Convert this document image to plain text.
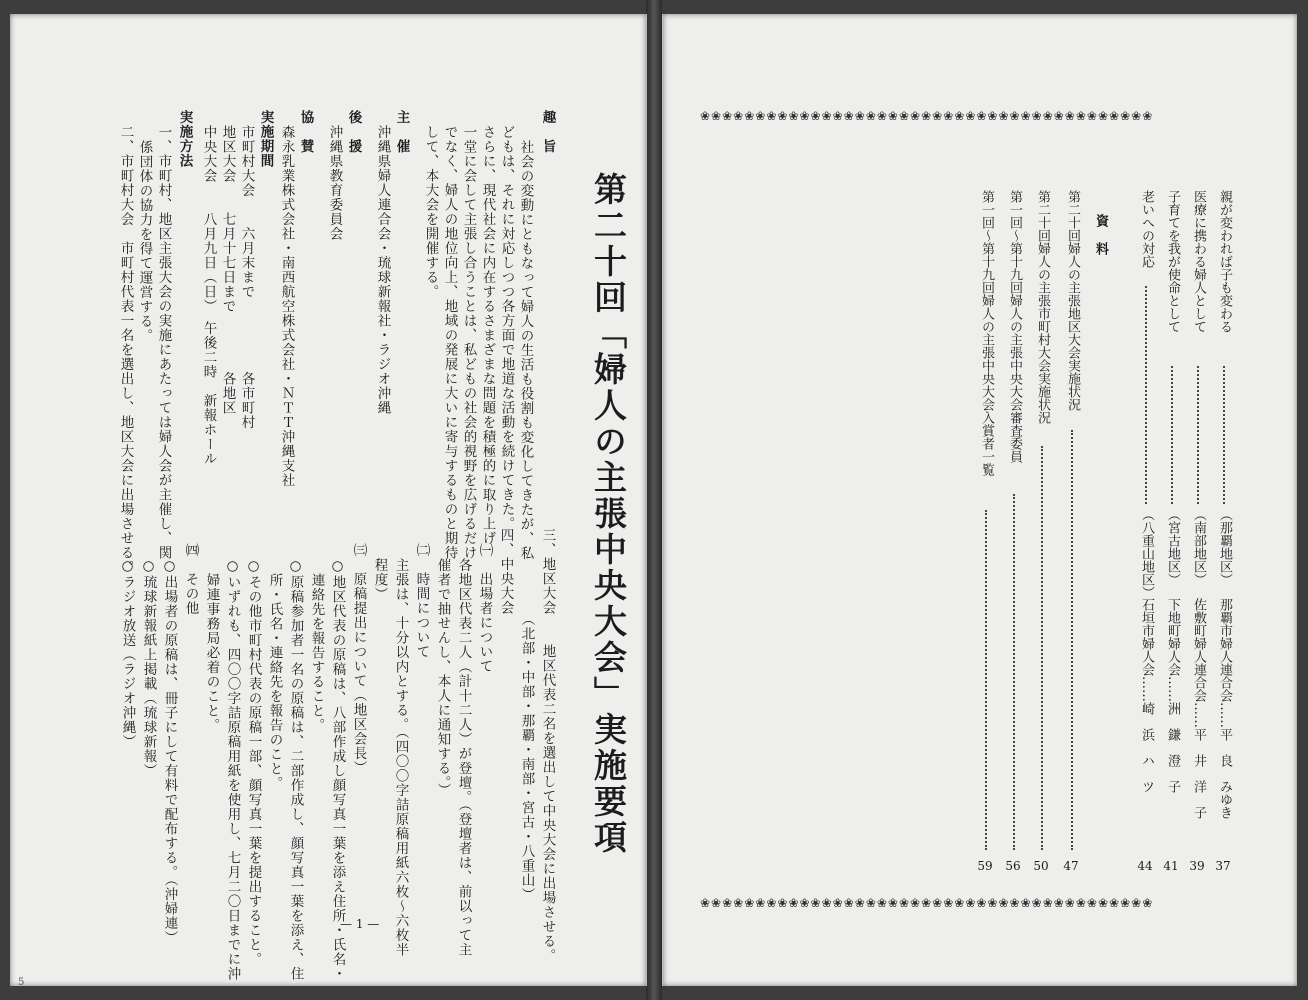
第二十回「婦人の主張中央大会」実施要項
趣　旨
社会の変動にともなって婦人の生活も役割も変化してきたが、私
どもは、それに対応しつつ各方面で地道な活動を続けてきた。
さらに、現代社会に内在するさまざまな問題を積極的に取り上げ
一堂に会して主張し合うことは、私どもの社会的視野を広げるだけ
でなく、婦人の地位向上、地域の発展に大いに寄与するものと期待
して、本大会を開催する。
主　催
沖縄県婦人連合会・琉球新報社・ラジオ沖縄
後　援
沖縄県教育委員会
協　賛
森永乳業株式会社・南西航空株式会社・ＮＴＴ沖縄支社
実施期間
市町村大会　　六月末まで　　　　　各市町村
地区大会　　七月十七日まで　　　　各地区
中央大会　　八月九日（日）　午後二時　新報ホール
実施方法
一、市町村、地区主張大会の実施にあたっては婦人会が主催し、関
係団体の協力を得て運営する。
二、市町村大会　市町村代表一名を選出し、地区大会に出場させる。
三、地区大会　　地区代表二名を選出して中央大会に出場させる。
（北部・中部・那覇・南部・宮古・八重山）
四、中央大会
㈠　出場者について
各地区代表二人（計十二人）が登壇。（登壇者は、前以って主
催者で抽せんし、本人に通知する。）
㈡　時間について
主張は、十分以内とする。（四〇〇字詰原稿用紙六枚～六枚半
程度）
㈢　原稿提出について（地区会長）
○地区代表の原稿は、八部作成し顔写真一葉を添え住所・氏名・
連絡先を報告すること。
○原稿参加者一名の原稿は、二部作成し、顔写真一葉を添え、住
所・氏名・連絡先を報告のこと。
○その他市町村代表の原稿一部、顔写真一葉を提出すること。
○いずれも、四〇〇字詰原稿用紙を使用し、七月二〇日までに沖
婦連事務局必着のこと。
㈣　その他
○出場者の原稿は、冊子にして有料で配布する。（沖婦連）
○琉球新報紙上掲載（琉球新報）
○ラジオ放送（ラジオ沖縄）
— 1 —
5
❀❀❀❀❀❀❀❀❀❀❀❀❀❀❀❀❀❀❀❀❀❀❀❀❀❀❀❀❀❀❀❀❀❀❀❀❀❀❀❀❀
❀❀❀❀❀❀❀❀❀❀❀❀❀❀❀❀❀❀❀❀❀❀❀❀❀❀❀❀❀❀❀❀❀❀❀❀❀❀❀❀❀
親が変われば子も変わる
（那覇地区）
那覇市婦人連合会……平　良　みゆき
37
医療に携わる婦人として
（南部地区）
佐敷町婦人連合会……平　井　洋　子
39
子育てを我が使命として
（宮古地区）
下地町婦人会……洲　鎌　澄　子
41
老いへの対応
（八重山地区）
石垣市婦人会……崎　浜　ハ　ツ
44
資　料
第二十回婦人の主張地区大会実施状況
47
第二十回婦人の主張市町村大会実施状況
50
第一回～第十九回婦人の主張中央大会審査委員
56
第一回～第十九回婦人の主張中央大会入賞者一覧
59
